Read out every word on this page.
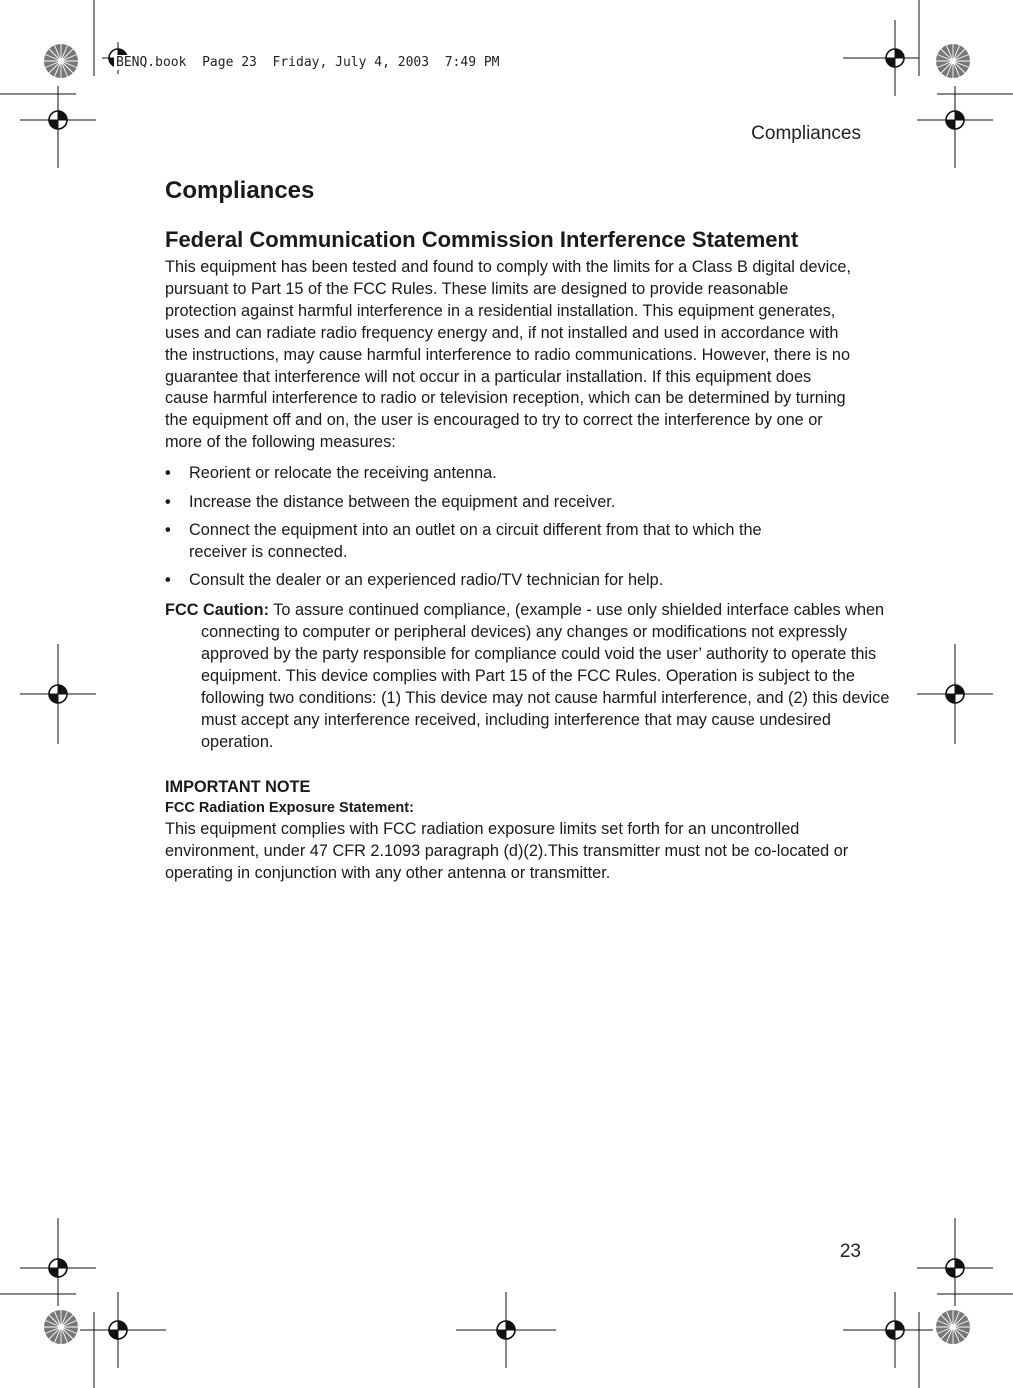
BENQ.book  Page 23  Friday, July 4, 2003  7:49 PM
Compliances
Compliances
Federal Communication Commission Interference Statement

This equipment has been tested and found to comply with the limits for a Class B digital device, pursuant to Part 15 of the FCC Rules. These limits are designed to provide reasonable protection against harmful interference in a residential installation. This equipment generates, uses and can radiate radio frequency energy and, if not installed and used in accordance with the instructions, may cause harmful interference to radio communications. However, there is no guarantee that interference will not occur in a particular installation. If this equipment does cause harmful interference to radio or television reception, which can be determined by turning the equipment off and on, the user is encouraged to try to correct the interference by one or more of the following measures:

• Reorient or relocate the receiving antenna.
• Increase the distance between the equipment and receiver.
• Connect the equipment into an outlet on a circuit different from that to which the receiver is connected.
• Consult the dealer or an experienced radio/TV technician for help.

FCC Caution: To assure continued compliance, (example - use only shielded interface cables when connecting to computer or peripheral devices) any changes or modifications not expressly approved by the party responsible for compliance could void the user’ authority to operate this equipment. This device complies with Part 15 of the FCC Rules. Operation is subject to the following two conditions: (1) This device may not cause harmful interference, and (2) this device must accept any interference received, including interference that may cause undesired operation.

IMPORTANT NOTE
FCC Radiation Exposure Statement:

This equipment complies with FCC radiation exposure limits set forth for an uncontrolled environment, under 47 CFR 2.1093 paragraph (d)(2).This transmitter must not be co-located or operating in conjunction with any other antenna or transmitter.

23
